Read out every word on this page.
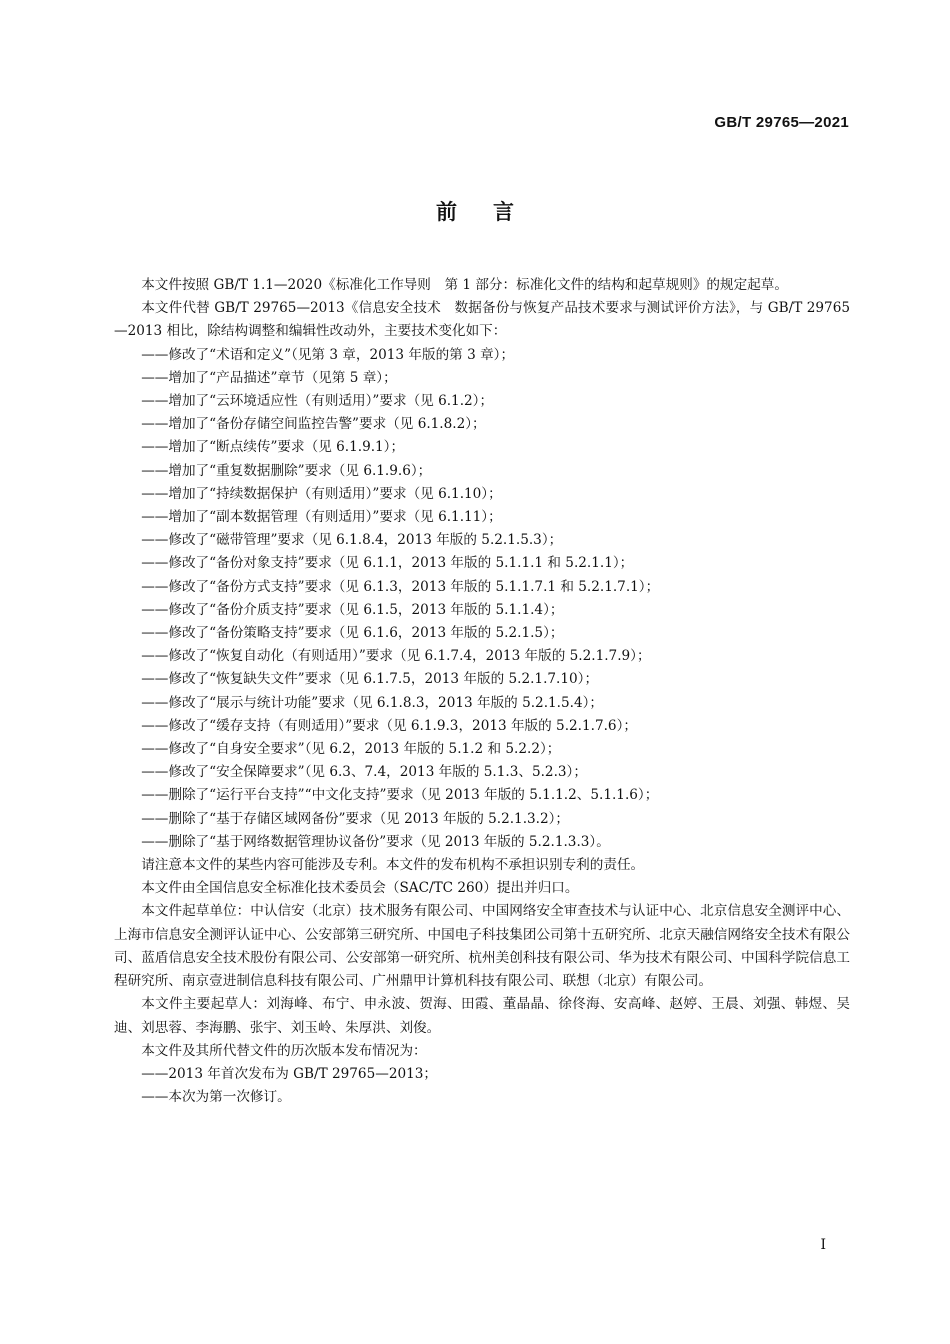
GB/T 29765—2021
前言

本文件按照 GB/T 1.1—2020《标准化工作导则　第 1 部分：标准化文件的结构和起草规则》的规定起草。

本文件代替 GB/T 29765—2013《信息安全技术　数据备份与恢复产品技术要求与测试评价方法》，与 GB/T 29765—2013 相比，除结构调整和编辑性改动外，主要技术变化如下：

——修改了“术语和定义”（见第 3 章，2013 年版的第 3 章）；

——增加了“产品描述”章节（见第 5 章）；

——增加了“云环境适应性（有则适用）”要求（见 6.1.2）；

——增加了“备份存储空间监控告警”要求（见 6.1.8.2）；

——增加了“断点续传”要求（见 6.1.9.1）；

——增加了“重复数据删除”要求（见 6.1.9.6）；

——增加了“持续数据保护（有则适用）”要求（见 6.1.10）；

——增加了“副本数据管理（有则适用）”要求（见 6.1.11）；

——修改了“磁带管理”要求（见 6.1.8.4，2013 年版的 5.2.1.5.3）；

——修改了“备份对象支持”要求（见 6.1.1，2013 年版的 5.1.1.1 和 5.2.1.1）；

——修改了“备份方式支持”要求（见 6.1.3，2013 年版的 5.1.1.7.1 和 5.2.1.7.1）；

——修改了“备份介质支持”要求（见 6.1.5，2013 年版的 5.1.1.4）；

——修改了“备份策略支持”要求（见 6.1.6，2013 年版的 5.2.1.5）；

——修改了“恢复自动化（有则适用）”要求（见 6.1.7.4，2013 年版的 5.2.1.7.9）；

——修改了“恢复缺失文件”要求（见 6.1.7.5，2013 年版的 5.2.1.7.10）；

——修改了“展示与统计功能”要求（见 6.1.8.3，2013 年版的 5.2.1.5.4）；

——修改了“缓存支持（有则适用）”要求（见 6.1.9.3，2013 年版的 5.2.1.7.6）；

——修改了“自身安全要求”（见 6.2，2013 年版的 5.1.2 和 5.2.2）；

——修改了“安全保障要求”（见 6.3、7.4，2013 年版的 5.1.3、5.2.3）；

——删除了“运行平台支持”“中文化支持”要求（见 2013 年版的 5.1.1.2、5.1.1.6）；

——删除了“基于存储区域网备份”要求（见 2013 年版的 5.2.1.3.2）；

——删除了“基于网络数据管理协议备份”要求（见 2013 年版的 5.2.1.3.3）。

请注意本文件的某些内容可能涉及专利。本文件的发布机构不承担识别专利的责任。

本文件由全国信息安全标准化技术委员会（SAC/TC 260）提出并归口。

本文件起草单位：中认信安（北京）技术服务有限公司、中国网络安全审查技术与认证中心、北京信息安全测评中心、上海市信息安全测评认证中心、公安部第三研究所、中国电子科技集团公司第十五研究所、北京天融信网络安全技术有限公司、蓝盾信息安全技术股份有限公司、公安部第一研究所、杭州美创科技有限公司、华为技术有限公司、中国科学院信息工程研究所、南京壹进制信息科技有限公司、广州鼎甲计算机科技有限公司、联想（北京）有限公司。

本文件主要起草人：刘海峰、布宁、申永波、贺海、田霞、董晶晶、徐佟海、安高峰、赵婷、王晨、刘强、韩煜、吴迪、刘思蓉、李海鹏、张宇、刘玉岭、朱厚洪、刘俊。

本文件及其所代替文件的历次版本发布情况为：

——2013 年首次发布为 GB/T 29765—2013；

——本次为第一次修订。

I
